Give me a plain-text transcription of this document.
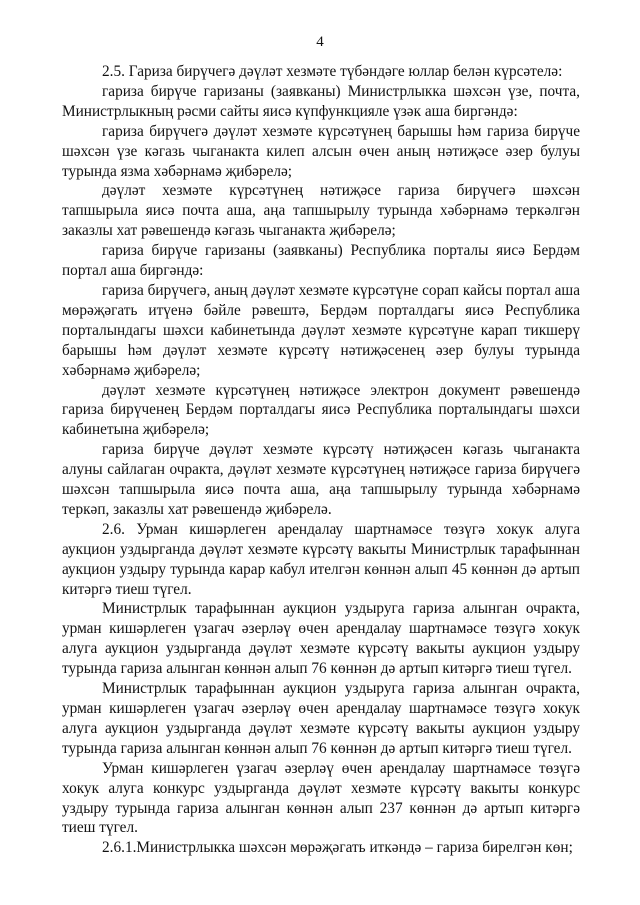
4

2.5. Гариза бирүчегә дәүләт хезмәте түбәндәге юллар белән күрсәтелә:

гариза бирүче гаризаны (заявканы) Министрлыкка шәхсән үзе, почта, Министрлыкның рәсми сайты яисә күпфункцияле үзәк аша биргәндә:

гариза бирүчегә дәүләт хезмәте күрсәтүнең барышы һәм гариза бирүче шәхсән үзе кәгазь чыганакта килеп алсын өчен аның нәтиҗәсе әзер булуы турында язма хәбәрнамә җибәрелә;

дәүләт хезмәте күрсәтүнең нәтиҗәсе гариза бирүчегә шәхсән тапшырыла яисә почта аша, аңа тапшырылу турында хәбәрнамә теркәлгән заказлы хат рәвешендә кәгазь чыганакта җибәрелә;

гариза бирүче гаризаны (заявканы) Республика порталы яисә Бердәм портал аша биргәндә:

гариза бирүчегә, аның дәүләт хезмәте күрсәтүне сорап кайсы портал аша мөрәҗәгать итүенә бәйле рәвештә, Бердәм порталдагы яисә Республика порталындагы шәхси кабинетында дәүләт хезмәте күрсәтүне карап тикшерү барышы һәм дәүләт хезмәте күрсәтү нәтиҗәсенең әзер булуы турында хәбәрнамә җибәрелә;

дәүләт хезмәте күрсәтүнең нәтиҗәсе электрон документ рәвешендә гариза бирүченең Бердәм порталдагы яисә Республика порталындагы шәхси кабинетына җибәрелә;

гариза бирүче дәүләт хезмәте күрсәтү нәтиҗәсен кәгазь чыганакта алуны сайлаган очракта, дәүләт хезмәте күрсәтүнең нәтиҗәсе гариза бирүчегә шәхсән тапшырыла яисә почта аша, аңа тапшырылу турында хәбәрнамә теркәп, заказлы хат рәвешендә җибәрелә.

2.6. Урман кишәрлеген арендалау шартнамәсе төзүгә хокук алуга аукцион уздырганда дәүләт хезмәте күрсәтү вакыты Министрлык тарафыннан аукцион уздыру турында карар кабул ителгән көннән алып 45 көннән дә артып китәргә тиеш түгел.

Министрлык тарафыннан аукцион уздыруга гариза алынган очракта, урман кишәрлеген үзагач әзерләү өчен арендалау шартнамәсе төзүгә хокук алуга аукцион уздырганда дәүләт хезмәте күрсәтү вакыты аукцион уздыру турында гариза алынган көннән алып 76 көннән дә артып китәргә тиеш түгел.

Министрлык тарафыннан аукцион уздыруга гариза алынган очракта, урман кишәрлеген үзагач әзерләү өчен арендалау шартнамәсе төзүгә хокук алуга аукцион уздырганда дәүләт хезмәте күрсәтү вакыты аукцион уздыру турында гариза алынган көннән алып 76 көннән дә артып китәргә тиеш түгел.

Урман кишәрлеген үзагач әзерләү өчен арендалау шартнамәсе төзүгә хокук алуга конкурс уздырганда дәүләт хезмәте күрсәтү вакыты конкурс уздыру турында гариза алынган көннән алып 237 көннән дә артып китәргә тиеш түгел.

2.6.1.Министрлыкка шәхсән мөрәҗәгать иткәндә – гариза бирелгән көн;
